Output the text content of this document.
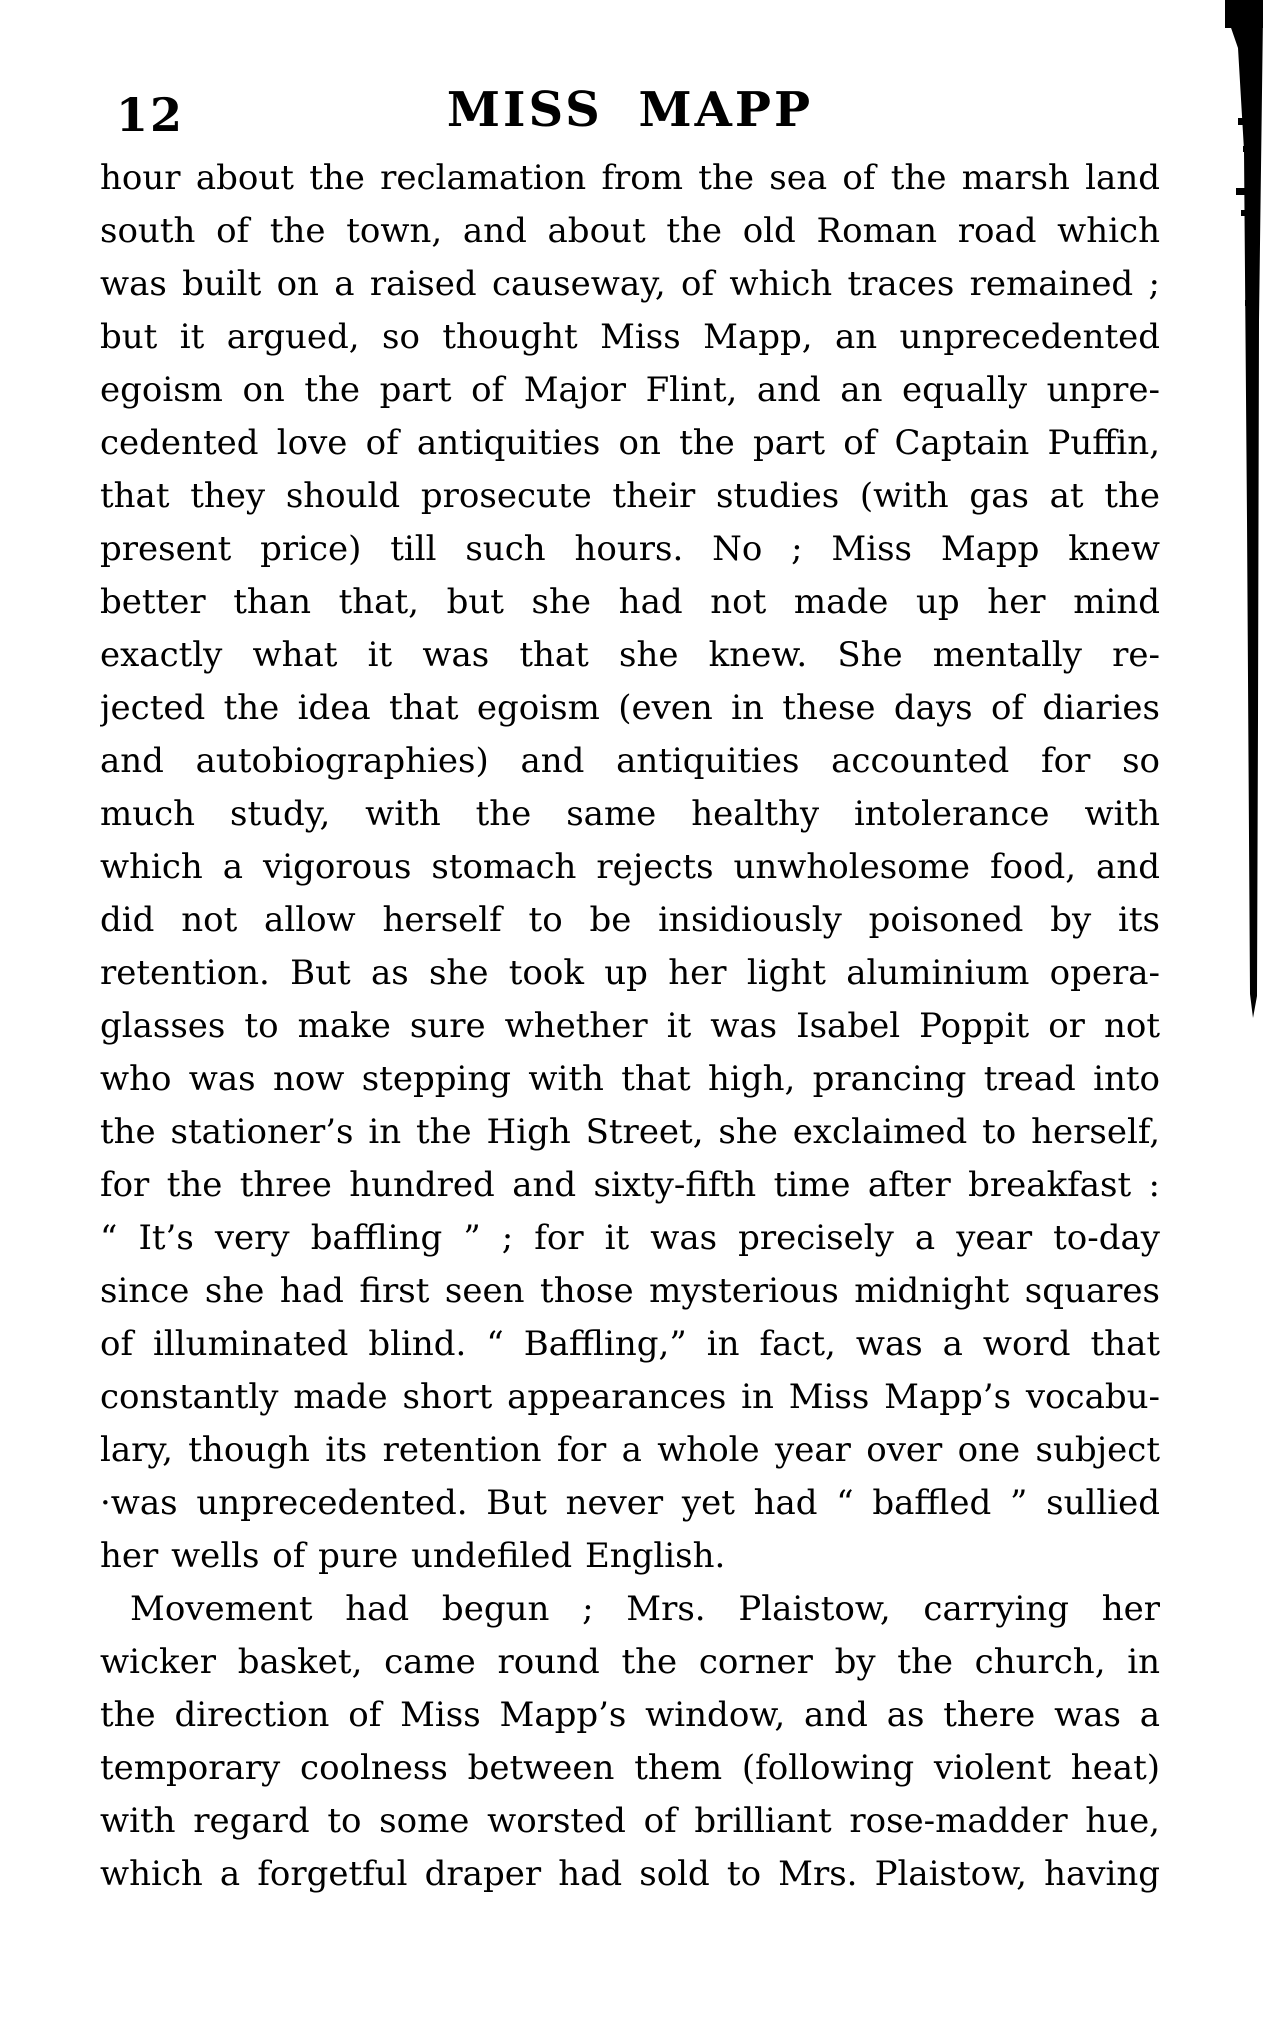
12	MISS MAPP
hour about the reclamation from the sea of the marsh land
south of the town, and about the old Roman road which
was built on a raised causeway, of which traces remained ;
but it argued, so thought Miss Mapp, an unprecedented
egoism on the part of Major Flint, and an equally unpre-
cedented love of antiquities on the part of Captain Puffin,
that they should prosecute their studies (with gas at the
present price) till such hours. No ; Miss Mapp knew
better than that, but she had not made up her mind
exactly what it was that she knew. She mentally re-
jected the idea that egoism (even in these days of diaries
and autobiographies) and antiquities accounted for so
much study, with the same healthy intolerance with
which a vigorous stomach rejects unwholesome food, and
did not allow herself to be insidiously poisoned by its
retention. But as she took up her light aluminium opera-
glasses to make sure whether it was Isabel Poppit or not
who was now stepping with that high, prancing tread into
the stationer’s in the High Street, she exclaimed to herself,
for the three hundred and sixty-fifth time after breakfast :
“ It’s very baffling ” ; for it was precisely a year to-day
since she had first seen those mysterious midnight squares
of illuminated blind. “ Baffling,” in fact, was a word that
constantly made short appearances in Miss Mapp’s vocabu-
lary, though its retention for a whole year over one subject
·was unprecedented. But never yet had “ baffled ” sullied
her wells of pure undefiled English.
Movement had begun ; Mrs. Plaistow, carrying her
wicker basket, came round the corner by the church, in
the direction of Miss Mapp’s window, and as there was a
temporary coolness between them (following violent heat)
with regard to some worsted of brilliant rose-madder hue,
which a forgetful draper had sold to Mrs. Plaistow, having
